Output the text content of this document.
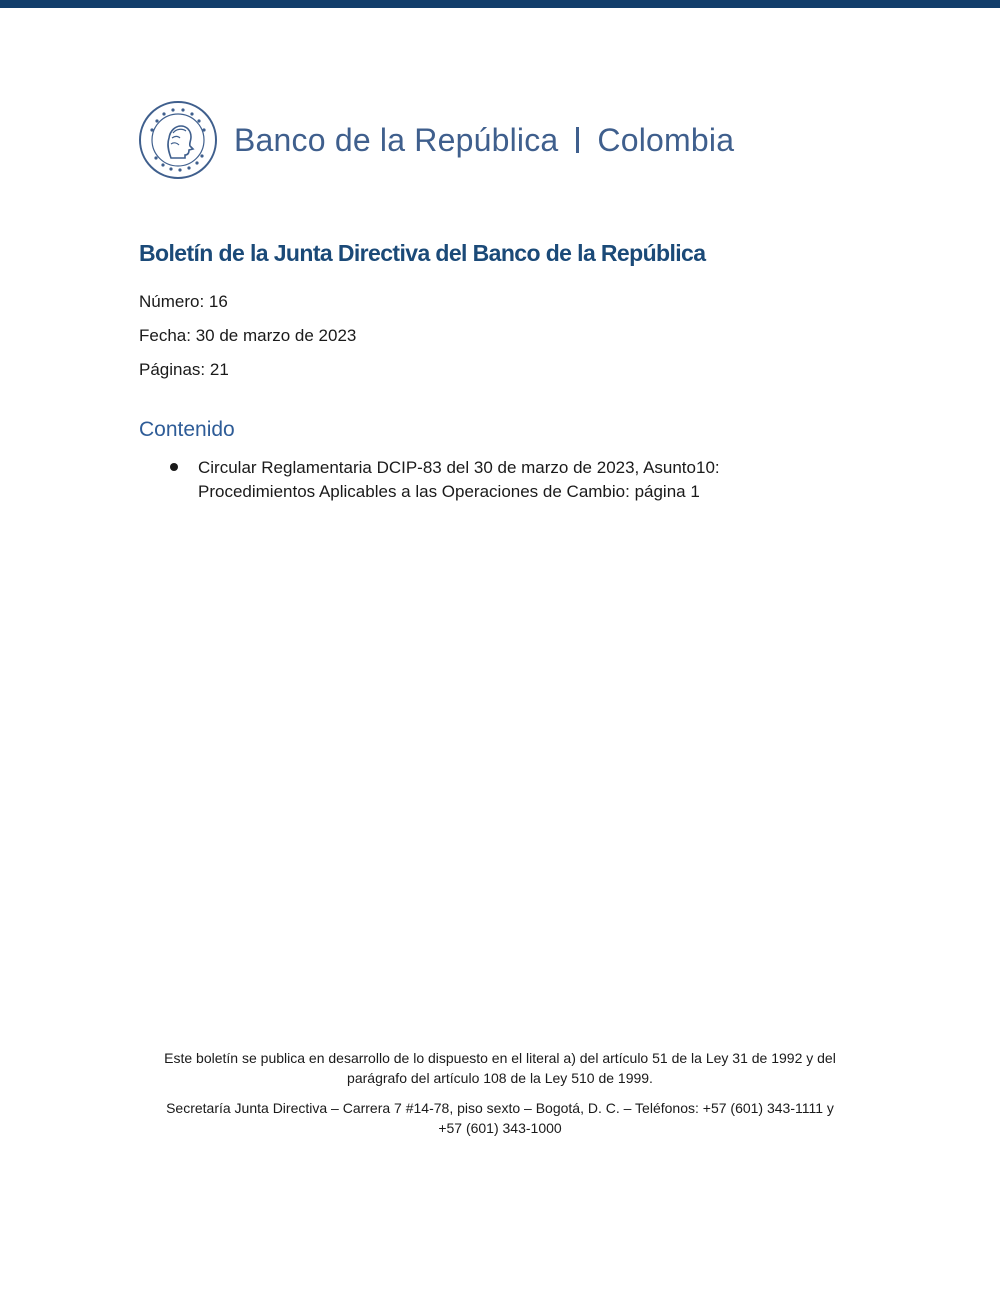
Banco de la República Colombia
Boletín de la Junta Directiva del Banco de la República
Número: 16
Fecha: 30 de marzo de 2023
Páginas: 21
Contenido
Circular Reglamentaria DCIP-83 del 30 de marzo de 2023, Asunto10:
Procedimientos Aplicables a las Operaciones de Cambio: página 1
Este boletín se publica en desarrollo de lo dispuesto en el literal a) del artículo 51 de la Ley 31 de 1992 y del
parágrafo del artículo 108 de la Ley 510 de 1999.
Secretaría Junta Directiva – Carrera 7 #14-78, piso sexto – Bogotá, D. C. – Teléfonos: +57 (601) 343-1111 y
+57 (601) 343-1000
